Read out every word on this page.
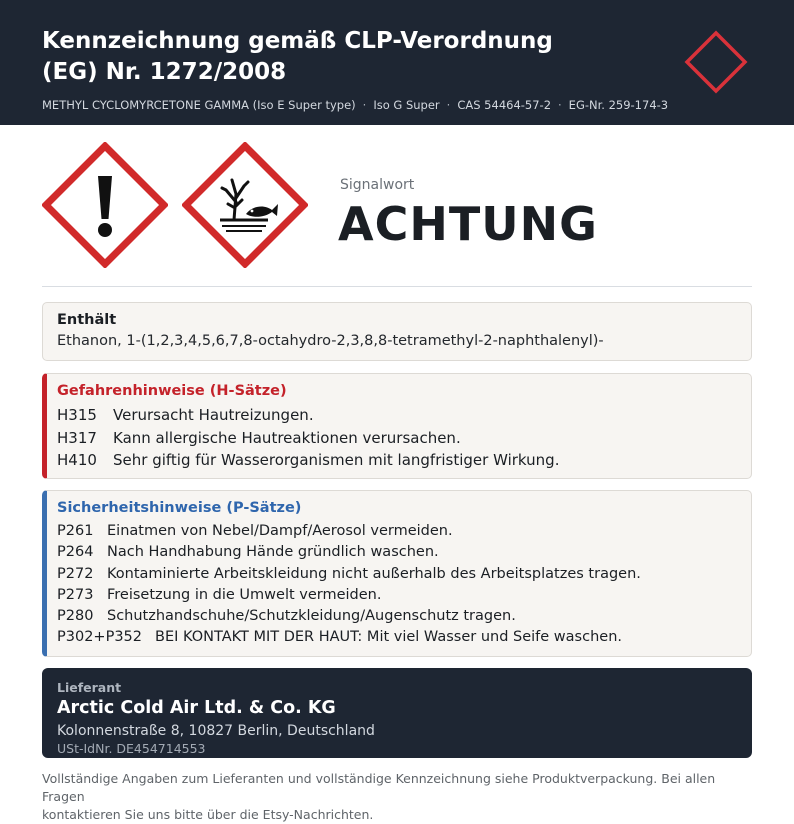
Kennzeichnung gemäß CLP-Verordnung
(EG) Nr. 1272/2008
METHYL CYCLOMYRCETONE GAMMA (Iso E Super type) · Iso G Super · CAS 54464-57-2 · EG-Nr. 259-174-3
Signalwort
ACHTUNG
Enthält
Ethanon, 1-(1,2,3,4,5,6,7,8-octahydro-2,3,8,8-tetramethyl-2-naphthalenyl)-
Gefahrenhinweise (H-Sätze)
H315	Verursacht Hautreizungen.
H317	Kann allergische Hautreaktionen verursachen.
H410	Sehr giftig für Wasserorganismen mit langfristiger Wirkung.
Sicherheitshinweise (P-Sätze)
P261 Einatmen von Nebel/Dampf/Aerosol vermeiden.
P264 Nach Handhabung Hände gründlich waschen.
P272 Kontaminierte Arbeitskleidung nicht außerhalb des Arbeitsplatzes tragen.
P273 Freisetzung in die Umwelt vermeiden.
P280 Schutzhandschuhe/Schutzkleidung/Augenschutz tragen.
P302+P352 BEI KONTAKT MIT DER HAUT: Mit viel Wasser und Seife waschen.
Lieferant
Arctic Cold Air Ltd. & Co. KG
Kolonnenstraße 8, 10827 Berlin, Deutschland
USt-IdNr. DE454714553
Vollständige Angaben zum Lieferanten und vollständige Kennzeichnung siehe Produktverpackung. Bei allen Fragen
kontaktieren Sie uns bitte über die Etsy-Nachrichten.
